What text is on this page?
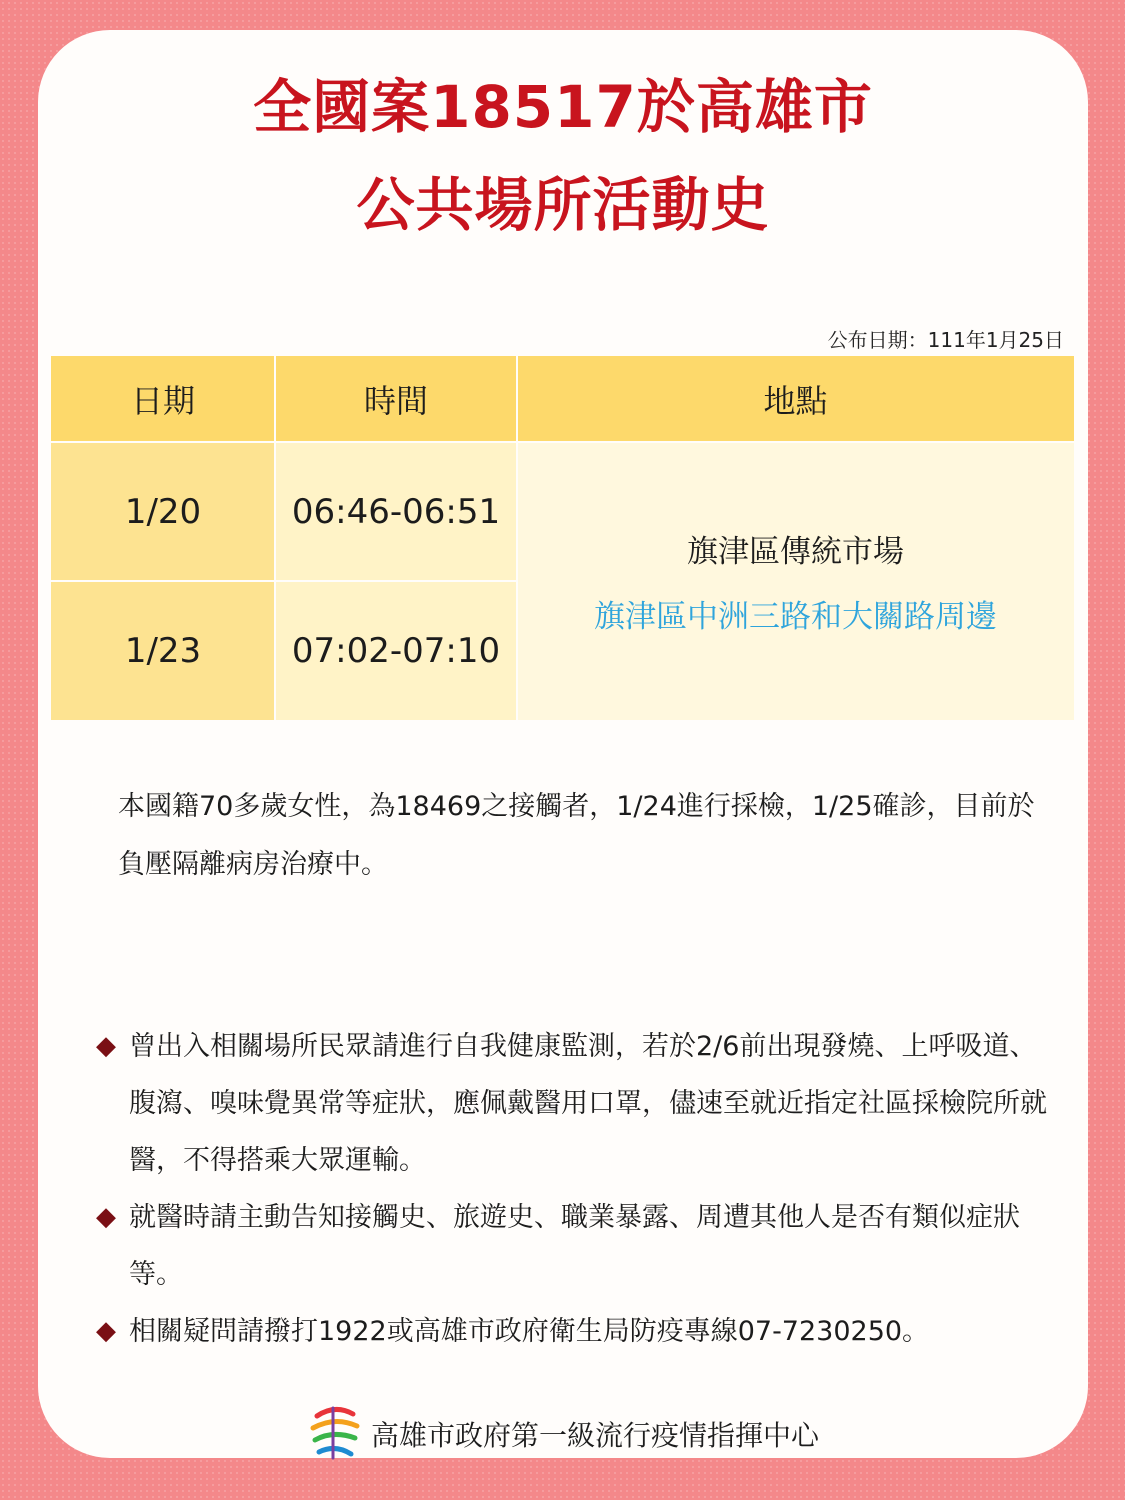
全國案18517於高雄市
公共場所活動史
公布日期：111年1月25日
日期	時間	地點
1/20	06:46-06:51
1/23	07:02-07:10
旗津區傳統市場
旗津區中洲三路和大關路周邊
本國籍70多歲女性，為18469之接觸者，1/24進行採檢，1/25確診，目前於負壓隔離病房治療中。
◆ 曾出入相關場所民眾請進行自我健康監測，若於2/6前出現發燒、上呼吸道、腹瀉、嗅味覺異常等症狀，應佩戴醫用口罩，儘速至就近指定社區採檢院所就醫，不得搭乘大眾運輸。
◆ 就醫時請主動告知接觸史、旅遊史、職業暴露、周遭其他人是否有類似症狀等。
◆ 相關疑問請撥打1922或高雄市政府衛生局防疫專線07-7230250。
高雄市政府第一級流行疫情指揮中心
